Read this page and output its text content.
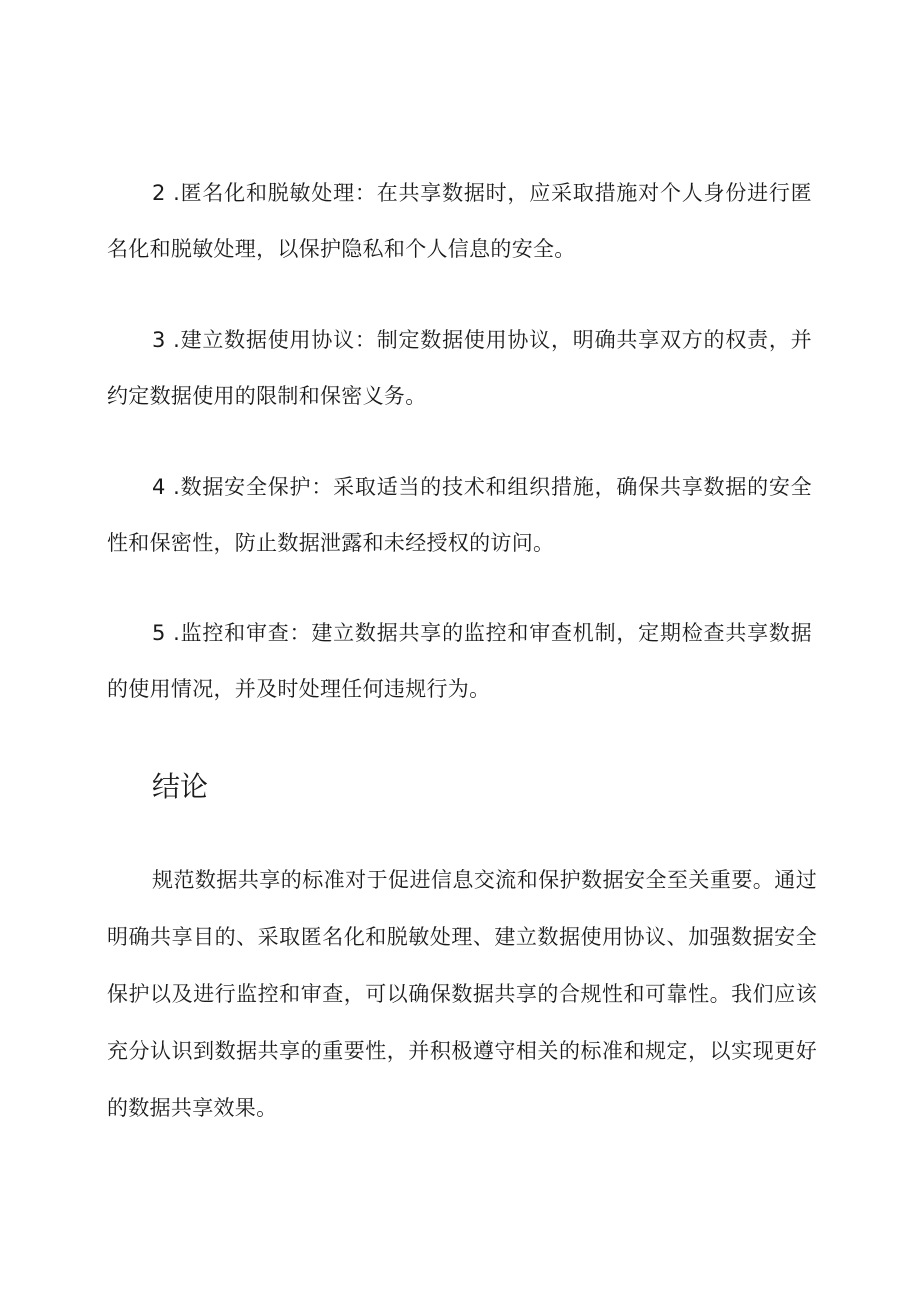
2 .匿名化和脱敏处理：在共享数据时，应采取措施对个人身份进行匿名化和脱敏处理，以保护隐私和个人信息的安全。

3 .建立数据使用协议：制定数据使用协议，明确共享双方的权责，并约定数据使用的限制和保密义务。

4 .数据安全保护：采取适当的技术和组织措施，确保共享数据的安全性和保密性，防止数据泄露和未经授权的访问。

5 .监控和审查：建立数据共享的监控和审查机制，定期检查共享数据的使用情况，并及时处理任何违规行为。

结论

规范数据共享的标准对于促进信息交流和保护数据安全至关重要。通过明确共享目的、采取匿名化和脱敏处理、建立数据使用协议、加强数据安全保护以及进行监控和审查，可以确保数据共享的合规性和可靠性。我们应该充分认识到数据共享的重要性，并积极遵守相关的标准和规定，以实现更好的数据共享效果。
